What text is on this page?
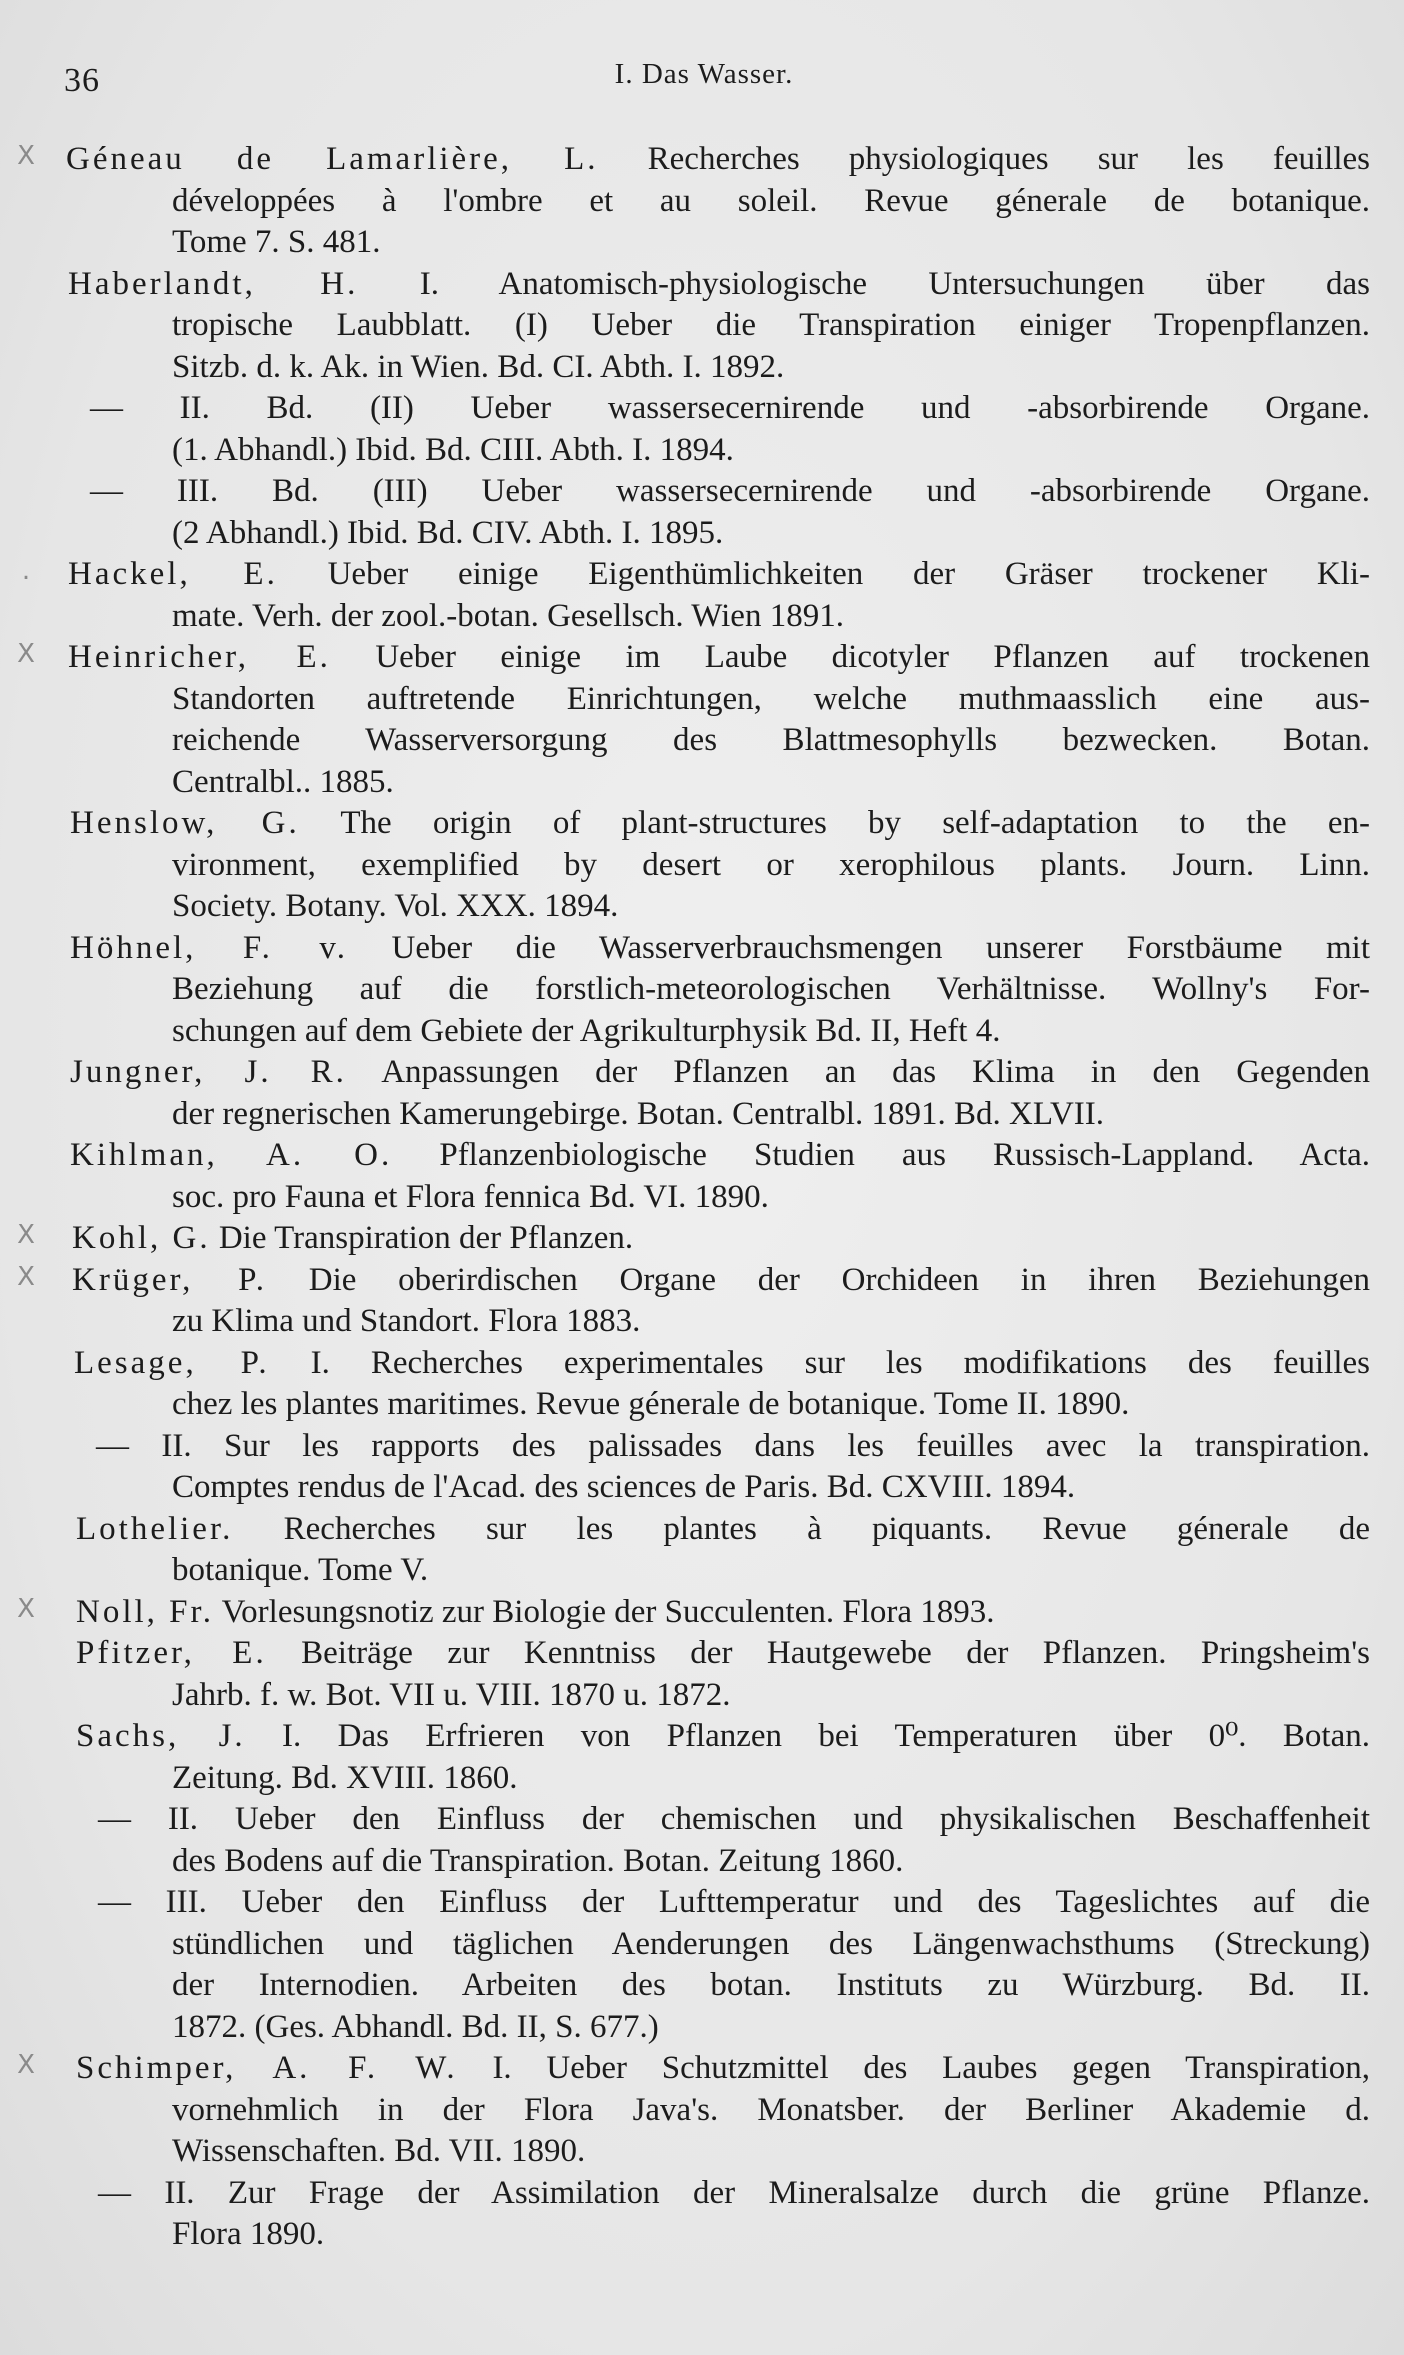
36	I. Das Wasser.
X Géneau de Lamarlière, L. Recherches physiologiques sur les feuilles
développées à l'ombre et au soleil. Revue génerale de botanique.
Tome 7. S. 481.
Haberlandt, H. I. Anatomisch-physiologische Untersuchungen über das
tropische Laubblatt. (I) Ueber die Transpiration einiger Tropenpflanzen.
Sitzb. d. k. Ak. in Wien. Bd. CI. Abth. I. 1892.
— II. Bd. (II) Ueber wassersecernirende und -absorbirende Organe.
(1. Abhandl.) Ibid. Bd. CIII. Abth. I. 1894.
— III. Bd. (III) Ueber wassersecernirende und -absorbirende Organe.
(2 Abhandl.) Ibid. Bd. CIV. Abth. I. 1895.
.	Hackel, E. Ueber einige Eigenthümlichkeiten der Gräser trockener Kli-
mate. Verh. der zool.-botan. Gesellsch. Wien 1891.
X	Heinricher, E. Ueber einige im Laube dicotyler Pflanzen auf trockenen
Standorten auftretende Einrichtungen, welche muthmaasslich eine aus-
reichende Wasserversorgung des Blattmesophylls bezwecken. Botan.
Centralbl.. 1885.
Henslow, G. The origin of plant-structures by self-adaptation to the en-
vironment, exemplified by desert or xerophilous plants. Journ. Linn.
Society. Botany. Vol. XXX. 1894.
Höhnel, F. v. Ueber die Wasserverbrauchsmengen unserer Forstbäume mit
Beziehung auf die forstlich-meteorologischen Verhältnisse. Wollny's For-
schungen auf dem Gebiete der Agrikulturphysik Bd. II, Heft 4.
Jungner, J. R. Anpassungen der Pflanzen an das Klima in den Gegenden
der regnerischen Kamerungebirge. Botan. Centralbl. 1891. Bd. XLVII.
Kihlman, A. O. Pflanzenbiologische Studien aus Russisch-Lappland. Acta.
soc. pro Fauna et Flora fennica Bd. VI. 1890.
X	Kohl, G. Die Transpiration der Pflanzen.
X	Krüger, P. Die oberirdischen Organe der Orchideen in ihren Beziehungen
zu Klima und Standort. Flora 1883.
Lesage, P. I. Recherches experimentales sur les modifikations des feuilles
chez les plantes maritimes. Revue génerale de botanique. Tome II. 1890.
— II. Sur les rapports des palissades dans les feuilles avec la transpiration.
Comptes rendus de l'Acad. des sciences de Paris. Bd. CXVIII. 1894.
Lothelier. Recherches sur les plantes à piquants. Revue génerale de
botanique. Tome V.
X	Noll, Fr. Vorlesungsnotiz zur Biologie der Succulenten. Flora 1893.
Pfitzer, E. Beiträge zur Kenntniss der Hautgewebe der Pflanzen. Pringsheim's
Jahrb. f. w. Bot. VII u. VIII. 1870 u. 1872.
Sachs, J. I. Das Erfrieren von Pflanzen bei Temperaturen über 0⁰. Botan.
Zeitung. Bd. XVIII. 1860.
— II. Ueber den Einfluss der chemischen und physikalischen Beschaffenheit
des Bodens auf die Transpiration. Botan. Zeitung 1860.
— III. Ueber den Einfluss der Lufttemperatur und des Tageslichtes auf die
stündlichen und täglichen Aenderungen des Längenwachsthums (Streckung)
der Internodien. Arbeiten des botan. Instituts zu Würzburg. Bd. II.
1872. (Ges. Abhandl. Bd. II, S. 677.)
X	Schimper, A. F. W. I. Ueber Schutzmittel des Laubes gegen Transpiration,
vornehmlich in der Flora Java's. Monatsber. der Berliner Akademie d.
Wissenschaften. Bd. VII. 1890.
— II. Zur Frage der Assimilation der Mineralsalze durch die grüne Pflanze.
Flora 1890.
